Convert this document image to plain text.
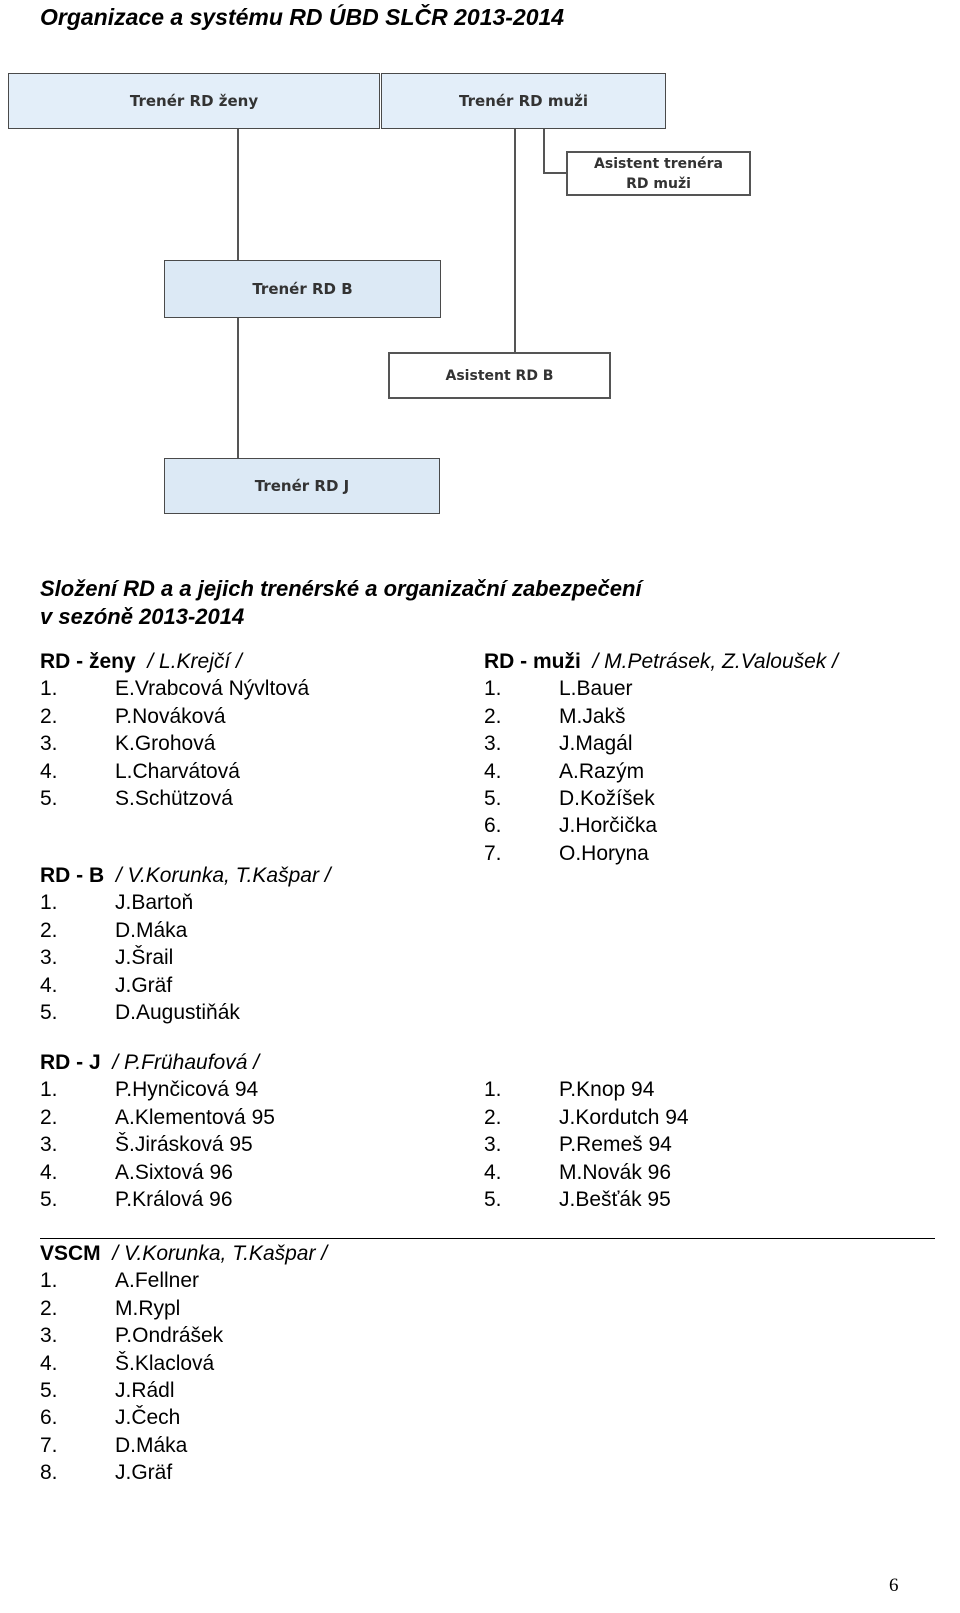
Organizace a systému RD ÚBD SLČR 2013-2014
Trenér RD ženy	Trenér RD muži
Asistent trenéra
RD muži
Trenér RD B
Asistent RD B
Trenér RD J
Složení RD a a jejich trenérské a organizační zabezpečení
v sezóně 2013-2014
RD - ženy / L.Krejčí /
1.	E.Vrabcová Nývltová
2.	P.Nováková
3.	K.Grohová
4.	L.Charvátová
5.	S.Schützová
RD - muži / M.Petrásek, Z.Valoušek /
1.	L.Bauer
2.	M.Jakš
3.	J.Magál
4.	A.Razým
5.	D.Kožíšek
6.	J.Horčička
7.	O.Horyna
RD - B / V.Korunka, T.Kašpar /
1.	J.Bartoň
2.	D.Máka
3.	J.Šrail
4.	J.Gräf
5.	D.Augustiňák
RD - J / P.Frühaufová /
1.	P.Hynčicová 94
2.	A.Klementová 95
3.	Š.Jirásková 95
4.	A.Sixtová 96
5.	P.Králová 96
1.	P.Knop 94
2.	J.Kordutch 94
3.	P.Remeš 94
4.	M.Novák 96
5.	J.Bešťák 95
VSCM / V.Korunka, T.Kašpar /
1.	A.Fellner
2.	M.Rypl
3.	P.Ondrášek
4.	Š.Klaclová
5.	J.Rádl
6.	J.Čech
7.	D.Máka
8.	J.Gräf
6
